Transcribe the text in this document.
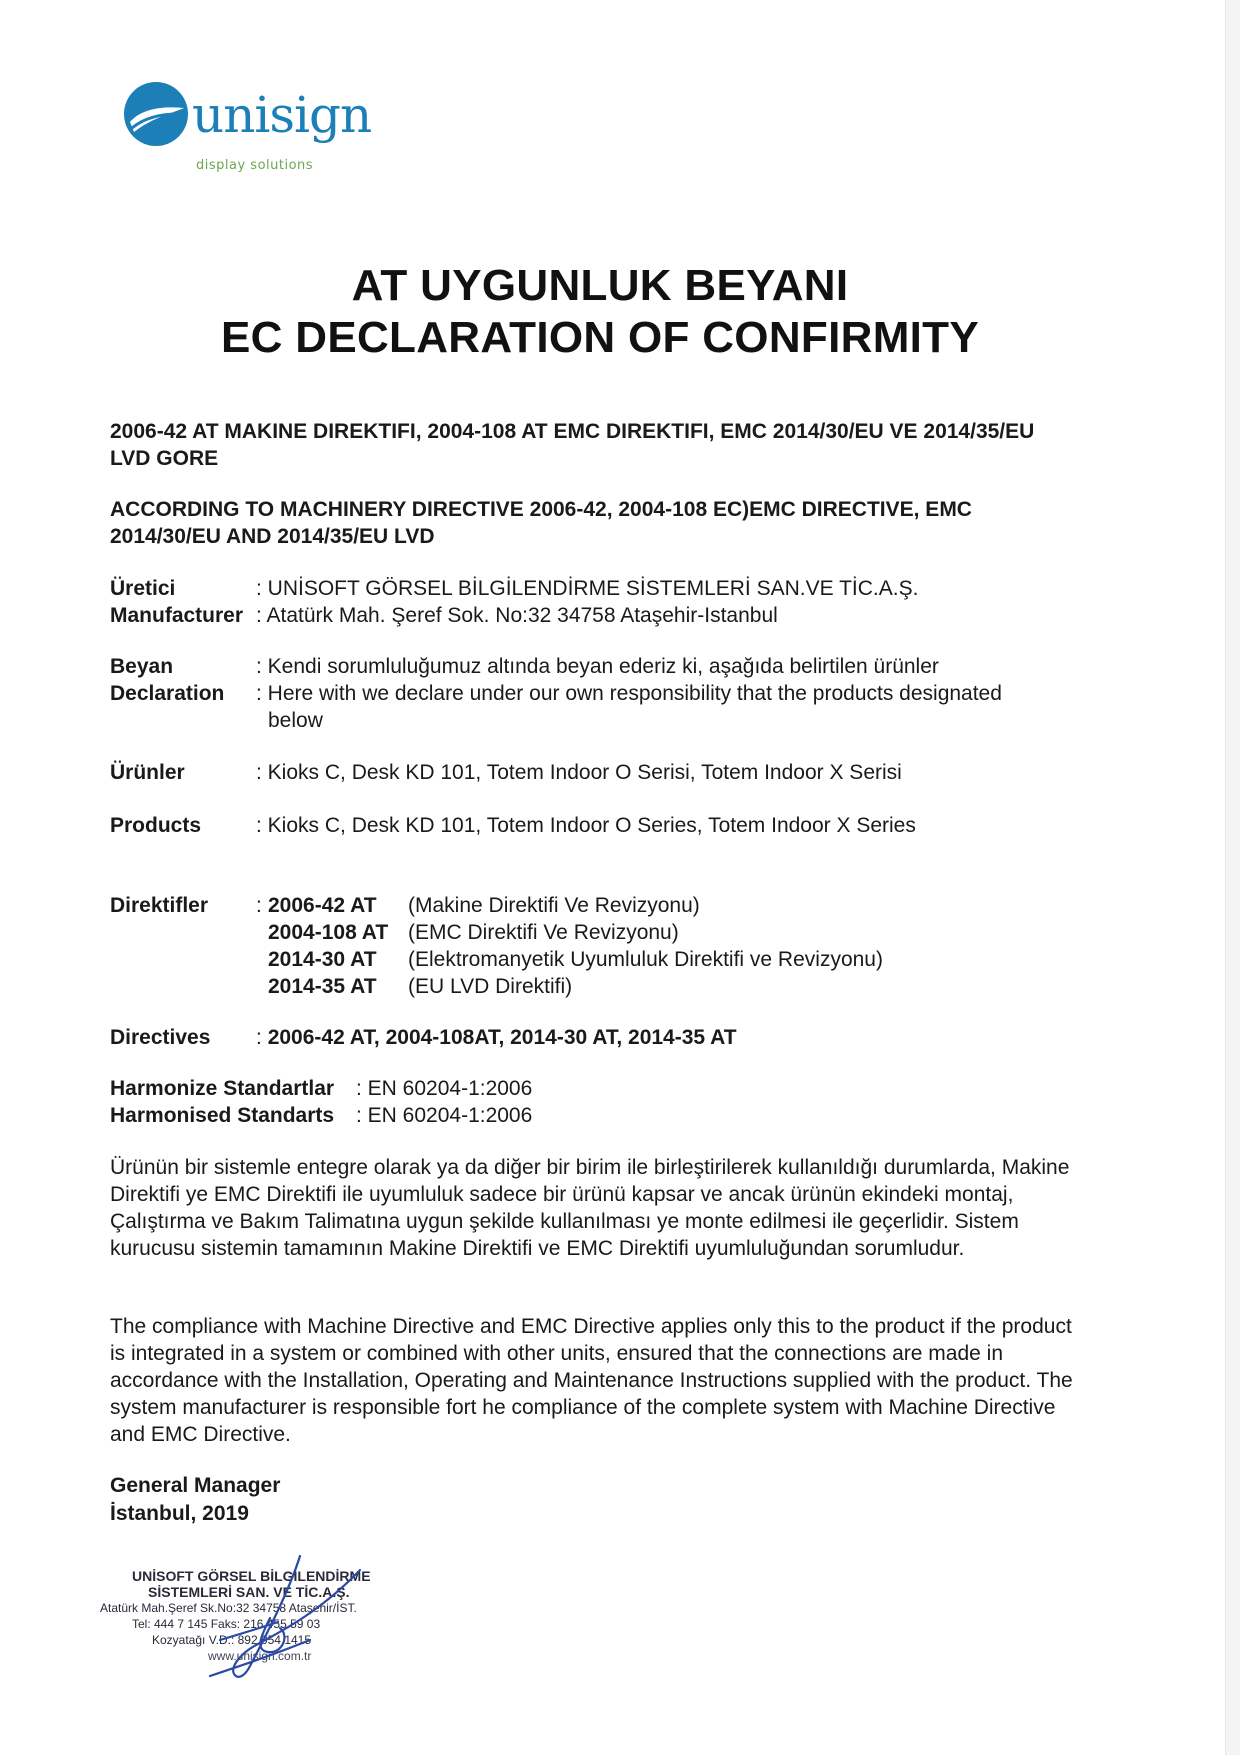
unisign
display solutions
AT UYGUNLUK BEYANI
EC DECLARATION OF CONFIRMITY
2006-42 AT MAKINE DIREKTIFI, 2004-108 AT EMC DIREKTIFI, EMC 2014/30/EU VE 2014/35/EU LVD GORE
ACCORDING TO MACHINERY DIRECTIVE 2006-42, 2004-108 EC)EMC DIRECTIVE, EMC 2014/30/EU AND 2014/35/EU LVD
Üretici	: UNİSOFT GÖRSEL BİLGİLENDİRME SİSTEMLERİ SAN.VE TİC.A.Ş.
Manufacturer : Atatürk Mah. Şeref Sok. No:32 34758 Ataşehir-Istanbul
Beyan	: Kendi sorumluluğumuz altında beyan ederiz ki, aşağıda belirtilen ürünler
Declaration : Here with we declare under our own responsibility that the products designated
below
Ürünler	: Kioks C, Desk KD 101, Totem Indoor O Serisi, Totem Indoor X Serisi
Products	: Kioks C, Desk KD 101, Totem Indoor O Series, Totem Indoor X Series
Direktifler : 2006-42 AT (Makine Direktifi Ve Revizyonu)
2004-108 AT (EMC Direktifi Ve Revizyonu)
2014-30 AT (Elektromanyetik Uyumluluk Direktifi ve Revizyonu)
2014-35 AT (EU LVD Direktifi)
Directives : 2006-42 AT, 2004-108AT, 2014-30 AT, 2014-35 AT
Harmonize Standartlar : EN 60204-1:2006
Harmonised Standarts : EN 60204-1:2006
Ürünün bir sistemle entegre olarak ya da diğer bir birim ile birleştirilerek kullanıldığı durumlarda, Makine Direktifi ye EMC Direktifi ile uyumluluk sadece bir ürünü kapsar ve ancak ürünün ekindeki montaj, Çalıştırma ve Bakım Talimatına uygun şekilde kullanılması ye monte edilmesi ile geçerlidir. Sistem kurucusu sistemin tamamının Makine Direktifi ve EMC Direktifi uyumluluğundan sorumludur.
The compliance with Machine Directive and EMC Directive applies only this to the product if the product is integrated in a system or combined with other units, ensured that the connections are made in accordance with the Installation, Operating and Maintenance Instructions supplied with the product. The system manufacturer is responsible fort he compliance of the complete system with Machine Directive and EMC Directive.
General Manager
İstanbul, 2019
UNİSOFT GÖRSEL BİLGİLENDİRME
SİSTEMLERİ SAN. VE TİC.A.Ş.
Atatürk Mah.Şeref Sk.No:32 34758 Ataşehir/İST.
Tel: 444 7 145 Faks: 216 455 59 03
Kozyatağı V.D.: 892 054 1415
www.unisign.com.tr
